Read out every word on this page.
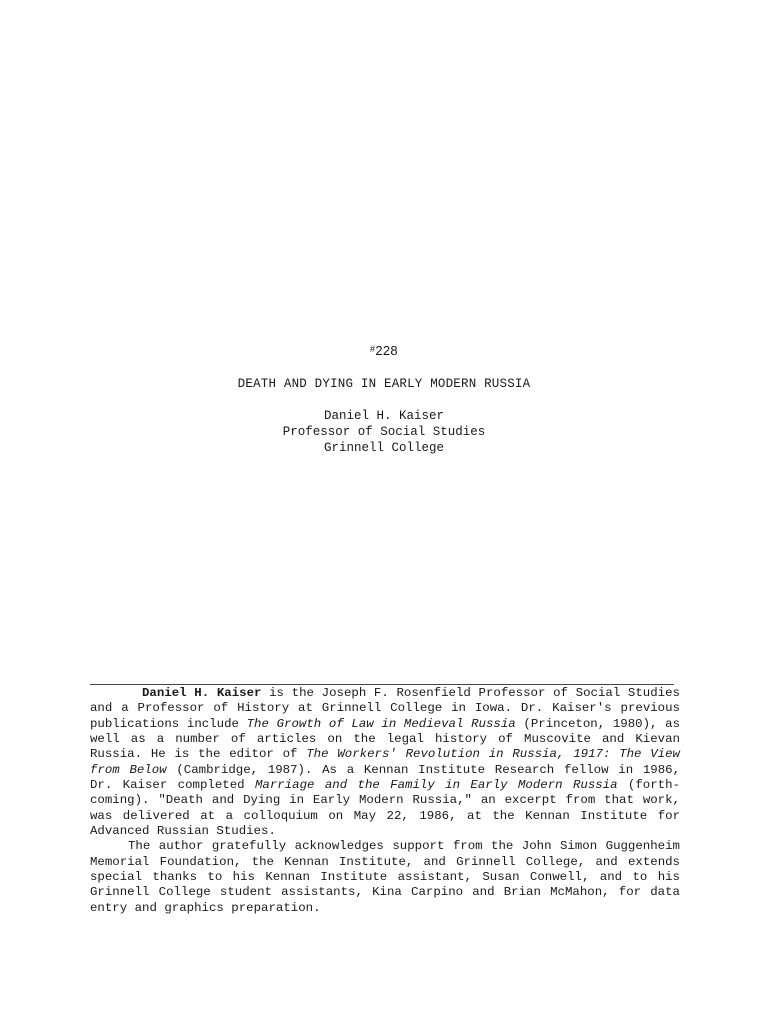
#228
DEATH AND DYING IN EARLY MODERN RUSSIA
Daniel H. Kaiser
Professor of Social Studies
Grinnell College

Daniel H. Kaiser is the Joseph F. Rosenfield Professor of Social Studies and a Professor of History at Grinnell College in Iowa. Dr. Kaiser's previous publications include The Growth of Law in Medieval Russia (Princeton, 1980), as well as a number of articles on the legal history of Muscovite and Kievan Russia. He is the editor of The Workers' Revolution in Russia, 1917: The View from Below (Cambridge, 1987). As a Kennan Institute Research fellow in 1986, Dr. Kaiser completed Marriage and the Family in Early Modern Russia (forth- coming). "Death and Dying in Early Modern Russia," an excerpt from that work, was delivered at a colloquium on May 22, 1986, at the Kennan Institute for Advanced Russian Studies.

The author gratefully acknowledges support from the John Simon Guggenheim Memorial Foundation, the Kennan Institute, and Grinnell College, and extends special thanks to his Kennan Institute assistant, Susan Conwell, and to his Grinnell College student assistants, Kina Carpino and Brian McMahon, for data entry and graphics preparation.
